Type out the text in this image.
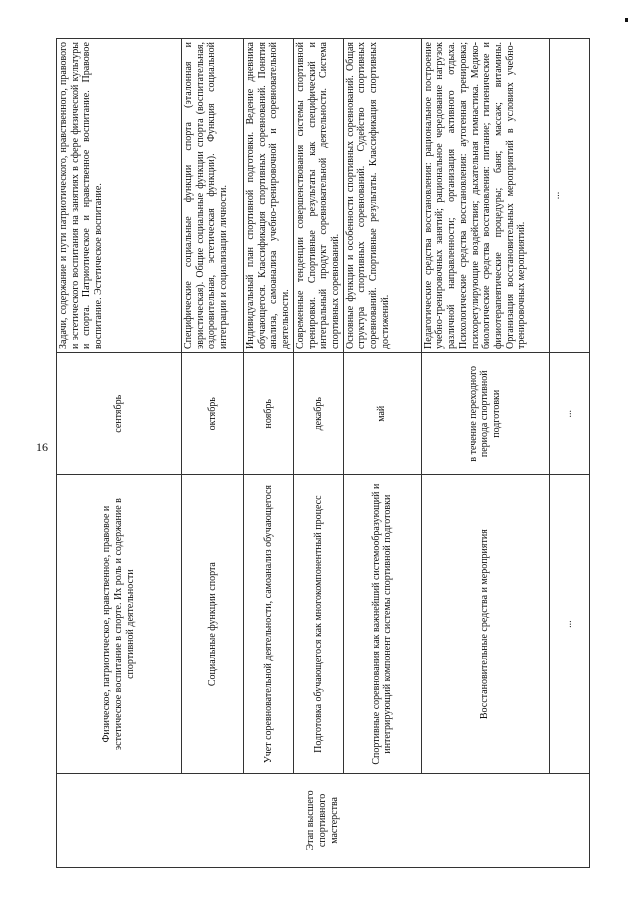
16
Этап высшего спортивного мастерства	Физическое, патриотическое, нравственное, правовое и эстетическое воспитание в спорте. Их роль и содержание в спортивной деятельности	сентябрь	Задачи, содержание и пути патриотического, нравственного, правового и эстетического воспитания на занятиях в сфере физической культуры и спорта. Патриотическое и нравственное воспитание. Правовое воспитание. Эстетическое воспитание.
	Социальные функции спорта	октябрь	Специфические социальные функции спорта (эталонная и эвристическая). Общие социальные функции спорта (воспитательная, оздоровительная, эстетическая функции). Функция социальной интеграции и социализации личности.
	Учет соревновательной деятельности, самоанализ обучающегося	ноябрь	Индивидуальный план спортивной подготовки. Ведение дневника обучающегося. Классификация спортивных соревнований. Понятия анализа, самоанализа учебно-тренировочной и соревновательной деятельности.
	Подготовка обучающегося как многокомпонентный процесс	декабрь	Современные тенденции совершенствования системы спортивной тренировки. Спортивные результаты как специфический и интегральный продукт соревновательной деятельности. Система спортивных соревнований.
	Спортивные соревнования как важнейший системообразующий и интегрирующий компонент системы спортивной подготовки	май	Основные функции и особенности спортивных соревнований. Общая структура спортивных соревнований. Судейство спортивных соревнований. Спортивные результаты. Классификация спортивных достижений.
	Восстановительные средства и мероприятия	в течение переходного периода спортивной подготовки	Педагогические средства восстановления: рациональное построение учебно-тренировочных занятий; рациональное чередование нагрузок различной направленности; организация активного отдыха. Психологические средства восстановления: аутогенная тренировка; психорегулирующие воздействия; дыхательная гимнастика. Медико-биологические средства восстановления: питание; гигиенические и физиотерапевтические процедуры; баня; массаж; витамины. Организация восстановительных мероприятий в условиях учебно-тренировочных мероприятий.
	...	...	...
